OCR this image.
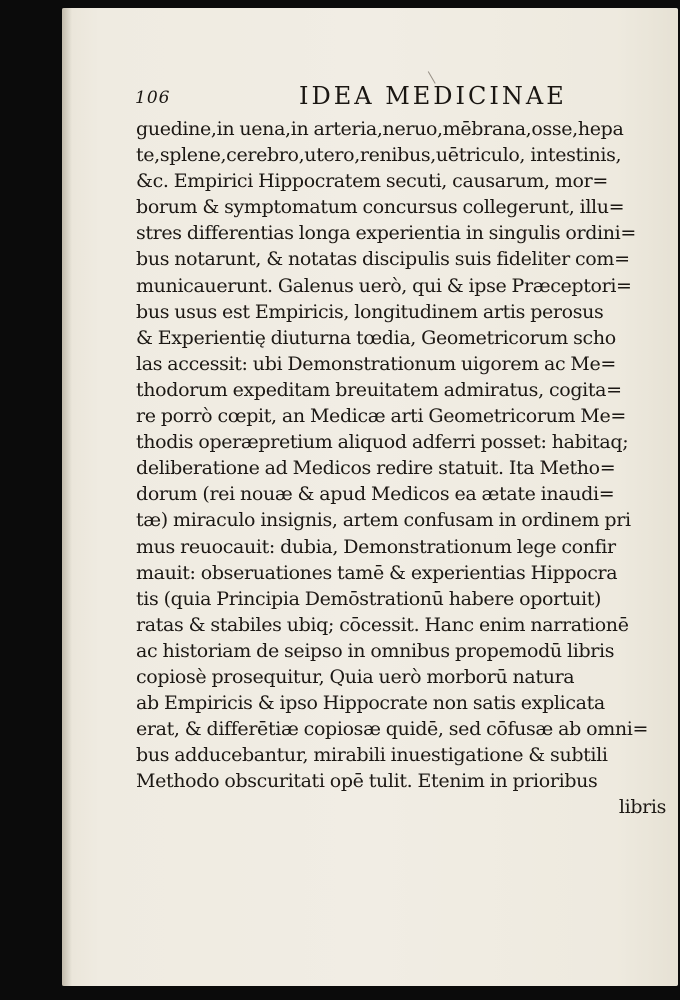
106	IDEA MEDICINAE
guedine,in uena,in arteria,neruo,mēbrana,osse,hepa
te,splene,cerebro,utero,renibus,uētriculo, intestinis,
&c. Empirici Hippocratem secuti, causarum, mor=
borum & symptomatum concursus collegerunt, illu=
stres differentias longa experientia in singulis ordini=
bus notarunt, & notatas discipulis suis fideliter com=
municauerunt. Galenus uerò, qui & ipse Præceptori=
bus usus est Empiricis, longitudinem artis perosus
& Experientię diuturna tœdia, Geometricorum scho
las accessit: ubi Demonstrationum uigorem ac Me=
thodorum expeditam breuitatem admiratus, cogita=
re porrò cœpit, an Medicæ arti Geometricorum Me=
thodis operæpretium aliquod adferri posset: habitaq;
deliberatione ad Medicos redire statuit. Ita Metho=
dorum (rei nouæ & apud Medicos ea ætate inaudi=
tæ) miraculo insignis, artem confusam in ordinem pri
mus reuocauit: dubia, Demonstrationum lege confir
mauit: obseruationes tamē & experientias Hippocra
tis (quia Principia Demōstrationū habere oportuit)
ratas & stabiles ubiq; cōcessit. Hanc enim narrationē
ac historiam de seipso in omnibus propemodū libris
copiosè prosequitur, Quia uerò morborū natura
ab Empiricis & ipso Hippocrate non satis explicata
erat, & differētiæ copiosæ quidē, sed cōfusæ ab omni=
bus adducebantur, mirabili inuestigatione & subtili
Methodo obscuritati opē tulit. Etenim in prioribus
libris
